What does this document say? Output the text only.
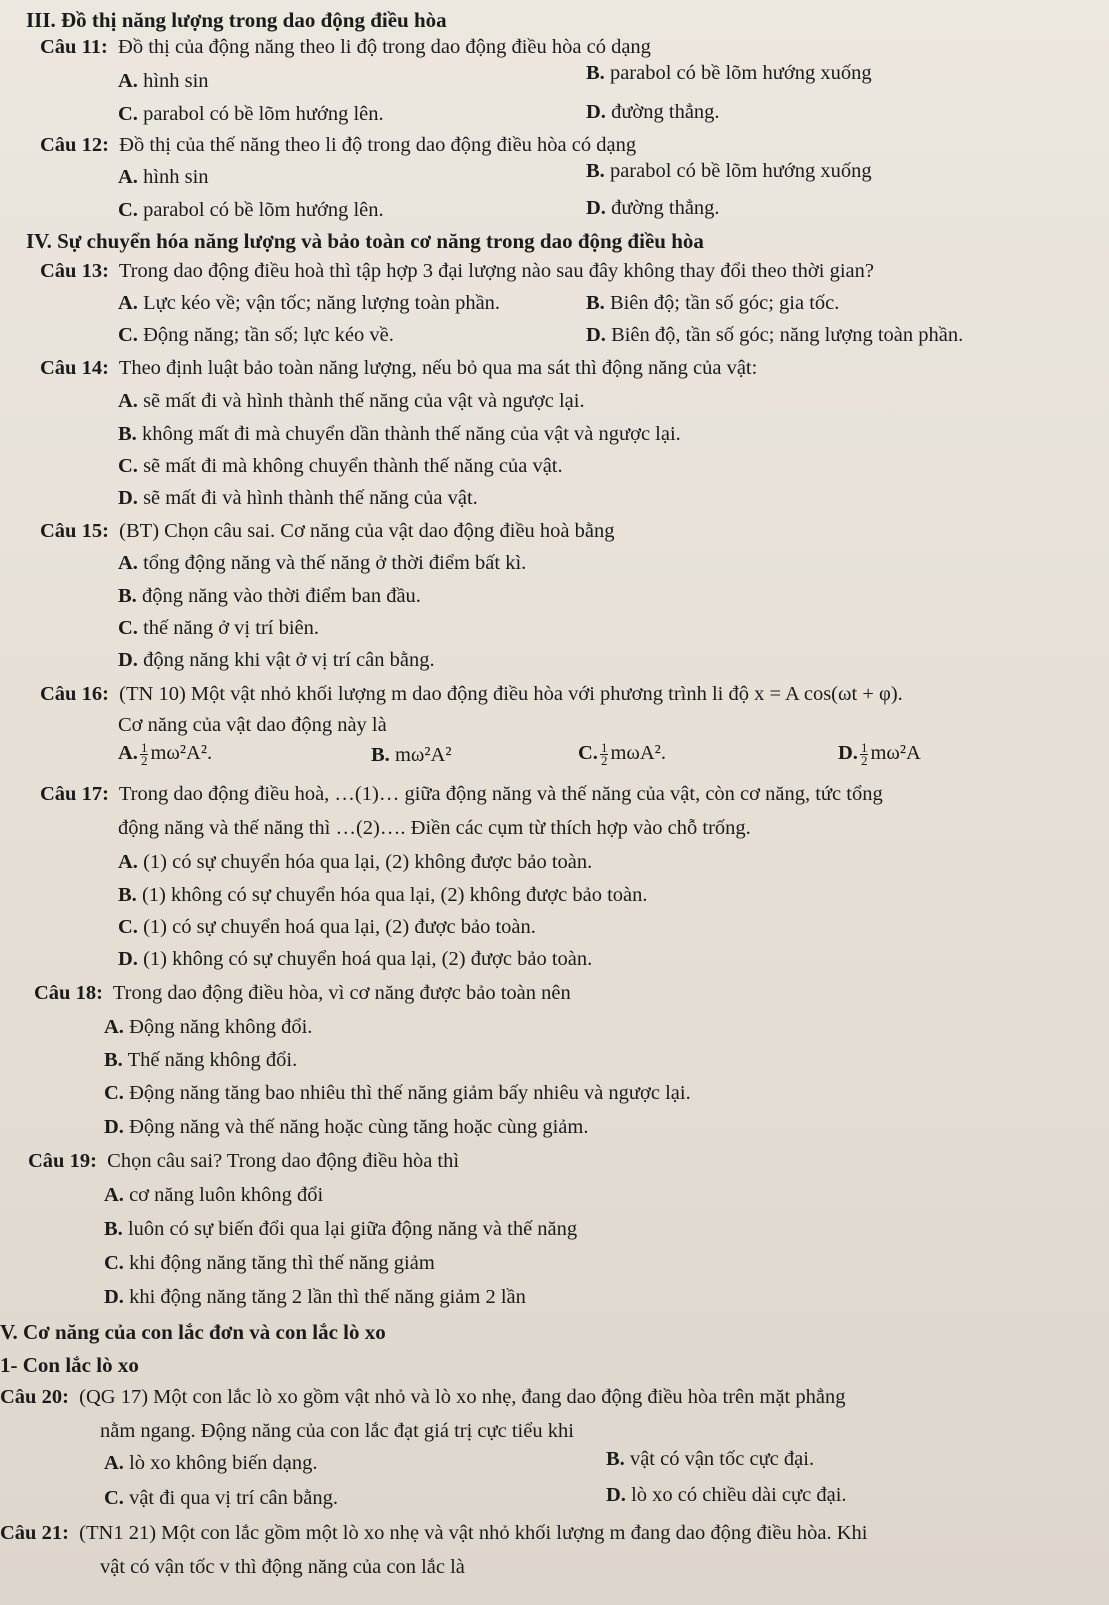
III. Đồ thị năng lượng trong dao động điều hòa
Câu 11: Đồ thị của động năng theo li độ trong dao động điều hòa có dạng
A. hình sin	B. parabol có bề lõm hướng xuống
C. parabol có bề lõm hướng lên.	D. đường thẳng.
Câu 12: Đồ thị của thế năng theo li độ trong dao động điều hòa có dạng
A. hình sin	B. parabol có bề lõm hướng xuống
C. parabol có bề lõm hướng lên.	D. đường thẳng.
IV. Sự chuyển hóa năng lượng và bảo toàn cơ năng trong dao động điều hòa
Câu 13: Trong dao động điều hoà thì tập hợp 3 đại lượng nào sau đây không thay đổi theo thời gian?
A. Lực kéo về; vận tốc; năng lượng toàn phần.	B. Biên độ; tần số góc; gia tốc.
C. Động năng; tần số; lực kéo về.	D. Biên độ, tần số góc; năng lượng toàn phần.
Câu 14: Theo định luật bảo toàn năng lượng, nếu bỏ qua ma sát thì động năng của vật:
A. sẽ mất đi và hình thành thế năng của vật và ngược lại.
B. không mất đi mà chuyển dần thành thế năng của vật và ngược lại.
C. sẽ mất đi mà không chuyển thành thế năng của vật.
D. sẽ mất đi và hình thành thế năng của vật.
Câu 15: (BT) Chọn câu sai. Cơ năng của vật dao động điều hoà bằng
A. tổng động năng và thế năng ở thời điểm bất kì.
B. động năng vào thời điểm ban đầu.
C. thế năng ở vị trí biên.
D. động năng khi vật ở vị trí cân bằng.
Câu 16: (TN 10) Một vật nhỏ khối lượng m dao động điều hòa với phương trình li độ x = A cos(ωt + φ).
Cơ năng của vật dao động này là
A. $\frac{1}{2} m\omega^2A^2$.	B. mω²A²	C. $\frac{1}{2} m\omega A^2$.	D. $\frac{1}{2} m\omega^2A$
Câu 17: Trong dao động điều hoà, …(1)… giữa động năng và thế năng của vật, còn cơ năng, tức tổng
động năng và thế năng thì …(2)…. Điền các cụm từ thích hợp vào chỗ trống.
A. (1) có sự chuyển hóa qua lại, (2) không được bảo toàn.
B. (1) không có sự chuyển hóa qua lại, (2) không được bảo toàn.
C. (1) có sự chuyển hoá qua lại, (2) được bảo toàn.
D. (1) không có sự chuyển hoá qua lại, (2) được bảo toàn.
Câu 18: Trong dao động điều hòa, vì cơ năng được bảo toàn nên
A. Động năng không đổi.
B. Thế năng không đổi.
C. Động năng tăng bao nhiêu thì thế năng giảm bấy nhiêu và ngược lại.
D. Động năng và thế năng hoặc cùng tăng hoặc cùng giảm.
Câu 19: Chọn câu sai? Trong dao động điều hòa thì
A. cơ năng luôn không đổi
B. luôn có sự biến đổi qua lại giữa động năng và thế năng
C. khi động năng tăng thì thế năng giảm
D. khi động năng tăng 2 lần thì thế năng giảm 2 lần
V. Cơ năng của con lắc đơn và con lắc lò xo
1- Con lắc lò xo
Câu 20: (QG 17) Một con lắc lò xo gồm vật nhỏ và lò xo nhẹ, đang dao động điều hòa trên mặt phẳng
nằm ngang. Động năng của con lắc đạt giá trị cực tiểu khi
A. lò xo không biến dạng.	B. vật có vận tốc cực đại.
C. vật đi qua vị trí cân bằng.	D. lò xo có chiều dài cực đại.
Câu 21: (TN1 21) Một con lắc gồm một lò xo nhẹ và vật nhỏ khối lượng m đang dao động điều hòa. Khi
vật có vận tốc v thì động năng của con lắc là
